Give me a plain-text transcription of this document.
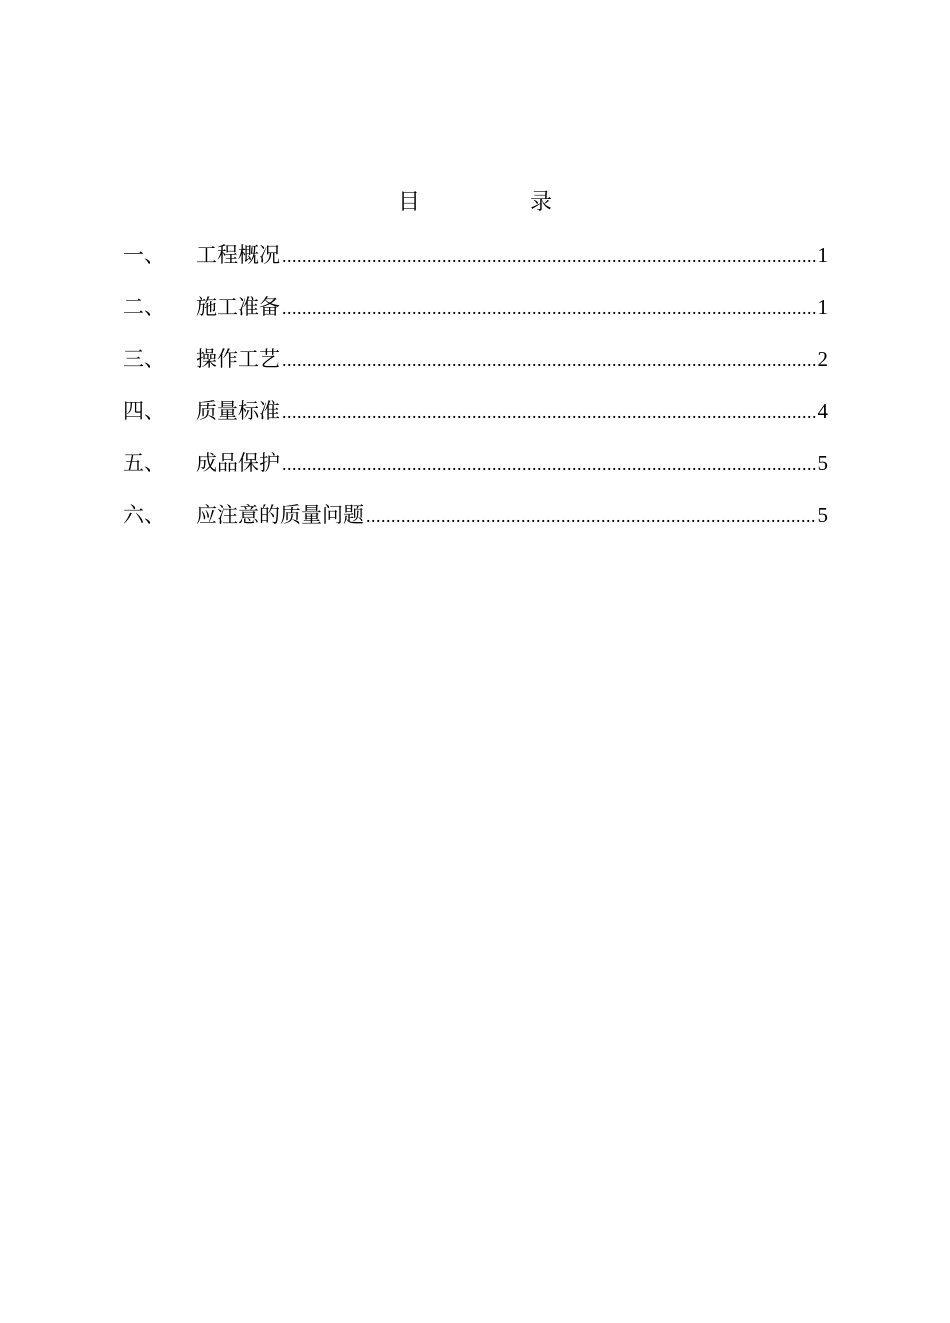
目	录
一、	工程概况 .....	1
二、	施工准备 .....	1
三、	操作工艺 .....	2
四、	质量标准 .....	4
五、	成品保护 .....	5
六、	应注意的质量问题 .....	5
